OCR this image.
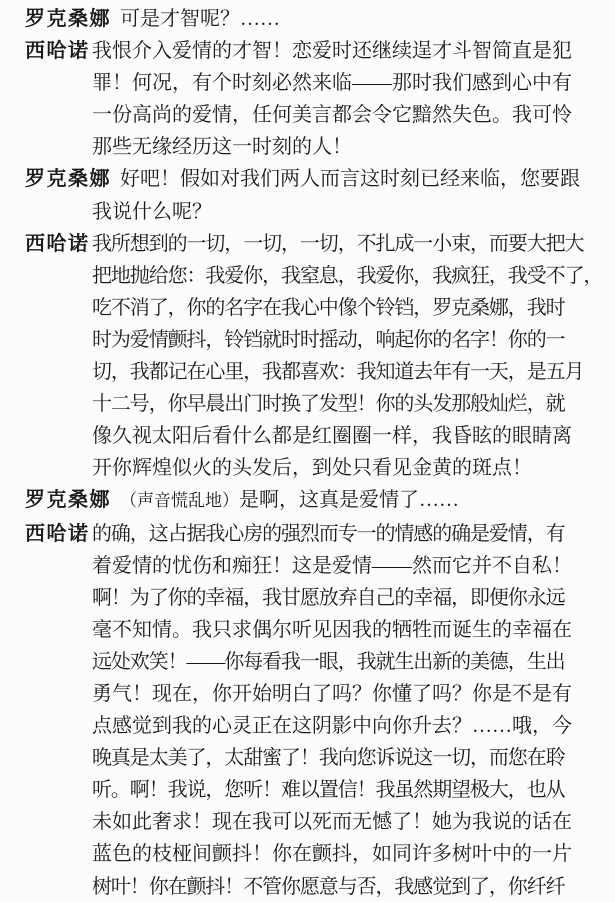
罗克桑娜 可是才智呢？……
西哈诺 我恨介入爱情的才智！恋爱时还继续逞才斗智简直是犯
罪！何况，有个时刻必然来临——那时我们感到心中有
一份高尚的爱情，任何美言都会令它黯然失色。我可怜
那些无缘经历这一时刻的人！
罗克桑娜 好吧！假如对我们两人而言这时刻已经来临，您要跟
我说什么呢？
西哈诺 我所想到的一切，一切，一切，不扎成一小束，而要大把大
把地抛给您：我爱你，我窒息，我爱你，我疯狂，我受不了，
吃不消了，你的名字在我心中像个铃铛，罗克桑娜，我时
时为爱情颤抖，铃铛就时时摇动，响起你的名字！你的一
切，我都记在心里，我都喜欢：我知道去年有一天，是五月
十二号，你早晨出门时换了发型！你的头发那般灿烂，就
像久视太阳后看什么都是红圈圈一样，我昏眩的眼睛离
开你辉煌似火的头发后，到处只看见金黄的斑点！
罗克桑娜 （声音慌乱地）是啊，这真是爱情了……
西哈诺 的确，这占据我心房的强烈而专一的情感的确是爱情，有
着爱情的忧伤和痴狂！这是爱情——然而它并不自私！
啊！为了你的幸福，我甘愿放弃自己的幸福，即便你永远
毫不知情。我只求偶尔听见因我的牺牲而诞生的幸福在
远处欢笑！——你每看我一眼，我就生出新的美德，生出
勇气！现在，你开始明白了吗？你懂了吗？你是不是有
点感觉到我的心灵正在这阴影中向你升去？……哦，今
晚真是太美了，太甜蜜了！我向您诉说这一切，而您在聆
听。啊！我说，您听！难以置信！我虽然期望极大，也从
未如此奢求！现在我可以死而无憾了！她为我说的话在
蓝色的枝桠间颤抖！你在颤抖，如同许多树叶中的一片
树叶！你在颤抖！不管你愿意与否，我感觉到了，你纤纤
